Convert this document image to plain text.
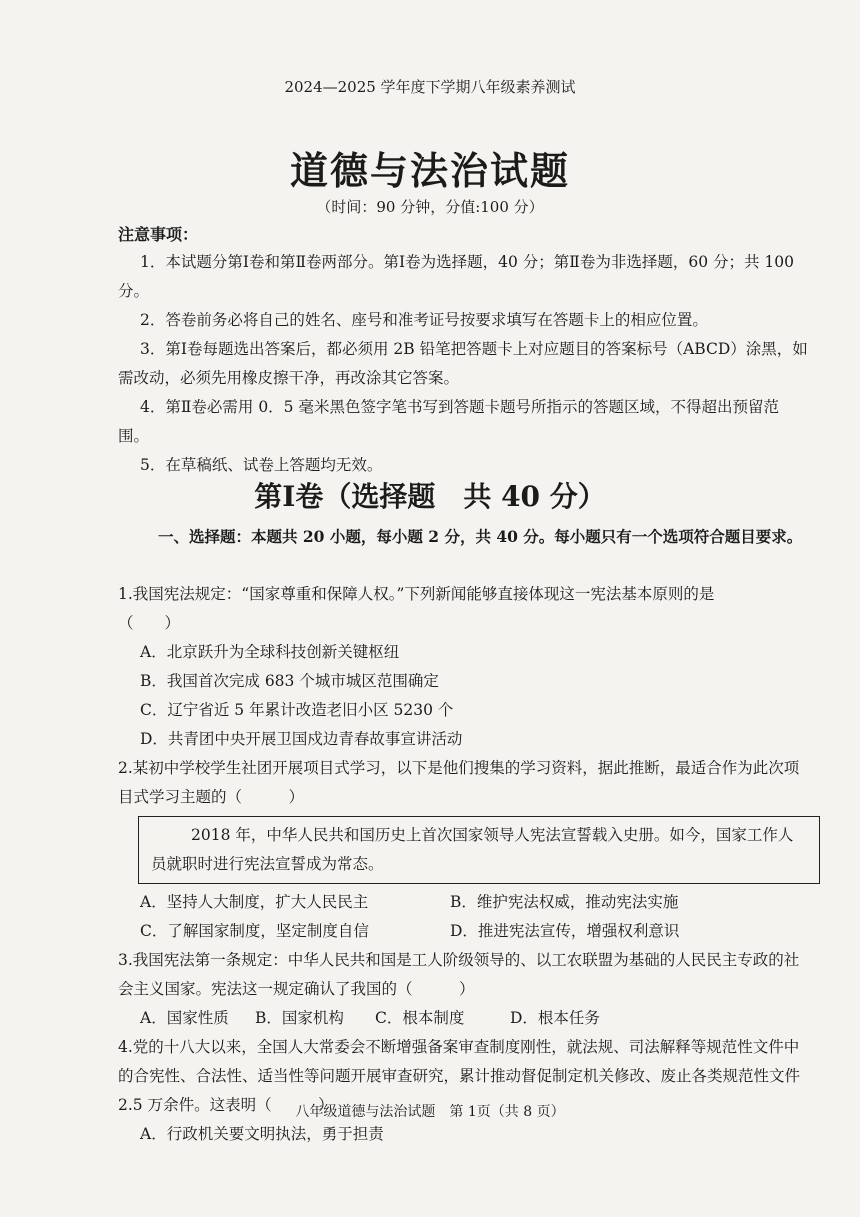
2024—2025 学年度下学期八年级素养测试
道德与法治试题
（时间：90 分钟，分值:100 分）
注意事项：

1．本试题分第Ⅰ卷和第Ⅱ卷两部分。第Ⅰ卷为选择题，40 分；第Ⅱ卷为非选择题，60 分；共 100 分。

2．答卷前务必将自己的姓名、座号和准考证号按要求填写在答题卡上的相应位置。

3．第Ⅰ卷每题选出答案后，都必须用 2B 铅笔把答题卡上对应题目的答案标号（ABCD）涂黑，如需改动，必须先用橡皮擦干净，再改涂其它答案。

4．第Ⅱ卷必需用 0．5 毫米黑色签字笔书写到答题卡题号所指示的答题区域，不得超出预留范围。

5．在草稿纸、试卷上答题均无效。

第Ⅰ卷（选择题　共 40 分）
一、选择题：本题共 20 小题，每小题 2 分，共 40 分。每小题只有一个选项符合题目要求。

1.我国宪法规定：“国家尊重和保障人权。”下列新闻能够直接体现这一宪法基本原则的是

（　　）

A．北京跃升为全球科技创新关键枢纽

B．我国首次完成 683 个城市城区范围确定

C．辽宁省近 5 年累计改造老旧小区 5230 个

D．共青团中央开展卫国戍边青春故事宣讲活动

2.某初中学校学生社团开展项目式学习，以下是他们搜集的学习资料，据此推断，最适合作为此次项目式学习主题的（　　　）

2018 年，中华人民共和国历史上首次国家领导人宪法宣誓载入史册。如今，国家工作人员就职时进行宪法宣誓成为常态。
A．坚持人大制度，扩大人民民主	B．维护宪法权威，推动宪法实施
C．了解国家制度，坚定制度自信	D．推进宪法宣传，增强权利意识

3.我国宪法第一条规定：中华人民共和国是工人阶级领导的、以工农联盟为基础的人民民主专政的社会主义国家。宪法这一规定确认了我国的（　　　）

A．国家性质	B．国家机构	C．根本制度	D．根本任务

4.党的十八大以来，全国人大常委会不断增强备案审查制度刚性，就法规、司法解释等规范性文件中的合宪性、合法性、适当性等问题开展审查研究，累计推动督促制定机关修改、废止各类规范性文件 2.5 万余件。这表明（　　　）

A．行政机关要文明执法，勇于担责

八年级道德与法治试题　第 1页（共 8 页）
